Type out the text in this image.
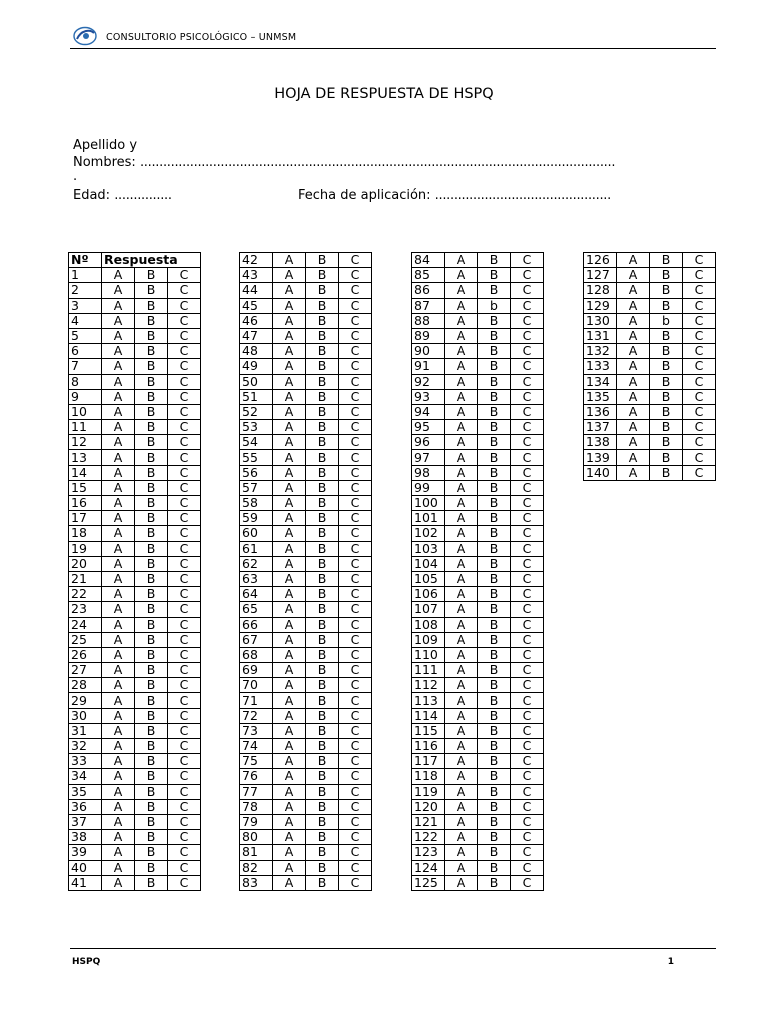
CONSULTORIO PSICOLÓGICO – UNMSM
HOJA DE RESPUESTA DE HSPQ
Apellido y
Nombres: ............................................................................................................................
.
Edad: ...............	Fecha de aplicación: ..............................................
Nº	Respuesta		
1	A	B	C
2	A	B	C
3	A	B	C
4	A	B	C
5	A	B	C
6	A	B	C
7	A	B	C
8	A	B	C
9	A	B	C
10	A	B	C
11	A	B	C
12	A	B	C
13	A	B	C
14	A	B	C
15	A	B	C
16	A	B	C
17	A	B	C
18	A	B	C
19	A	B	C
20	A	B	C
21	A	B	C
22	A	B	C
23	A	B	C
24	A	B	C
25	A	B	C
26	A	B	C
27	A	B	C
28	A	B	C
29	A	B	C
30	A	B	C
31	A	B	C
32	A	B	C
33	A	B	C
34	A	B	C
35	A	B	C
36	A	B	C
37	A	B	C
38	A	B	C
39	A	B	C
40	A	B	C
41	A	B	C
42	A	B	C
43	A	B	C
44	A	B	C
45	A	B	C
46	A	B	C
47	A	B	C
48	A	B	C
49	A	B	C
50	A	B	C
51	A	B	C
52	A	B	C
53	A	B	C
54	A	B	C
55	A	B	C
56	A	B	C
57	A	B	C
58	A	B	C
59	A	B	C
60	A	B	C
61	A	B	C
62	A	B	C
63	A	B	C
64	A	B	C
65	A	B	C
66	A	B	C
67	A	B	C
68	A	B	C
69	A	B	C
70	A	B	C
71	A	B	C
72	A	B	C
73	A	B	C
74	A	B	C
75	A	B	C
76	A	B	C
77	A	B	C
78	A	B	C
79	A	B	C
80	A	B	C
81	A	B	C
82	A	B	C
83	A	B	C
84	A	B	C
85	A	B	C
86	A	B	C
87	A	b	C
88	A	B	C
89	A	B	C
90	A	B	C
91	A	B	C
92	A	B	C
93	A	B	C
94	A	B	C
95	A	B	C
96	A	B	C
97	A	B	C
98	A	B	C
99	A	B	C
100	A	B	C
101	A	B	C
102	A	B	C
103	A	B	C
104	A	B	C
105	A	B	C
106	A	B	C
107	A	B	C
108	A	B	C
109	A	B	C
110	A	B	C
111	A	B	C
112	A	B	C
113	A	B	C
114	A	B	C
115	A	B	C
116	A	B	C
117	A	B	C
118	A	B	C
119	A	B	C
120	A	B	C
121	A	B	C
122	A	B	C
123	A	B	C
124	A	B	C
125	A	B	C
126	A	B	C
127	A	B	C
128	A	B	C
129	A	B	C
130	A	b	C
131	A	B	C
132	A	B	C
133	A	B	C
134	A	B	C
135	A	B	C
136	A	B	C
137	A	B	C
138	A	B	C
139	A	B	C
140	A	B	C
HSPQ	1
